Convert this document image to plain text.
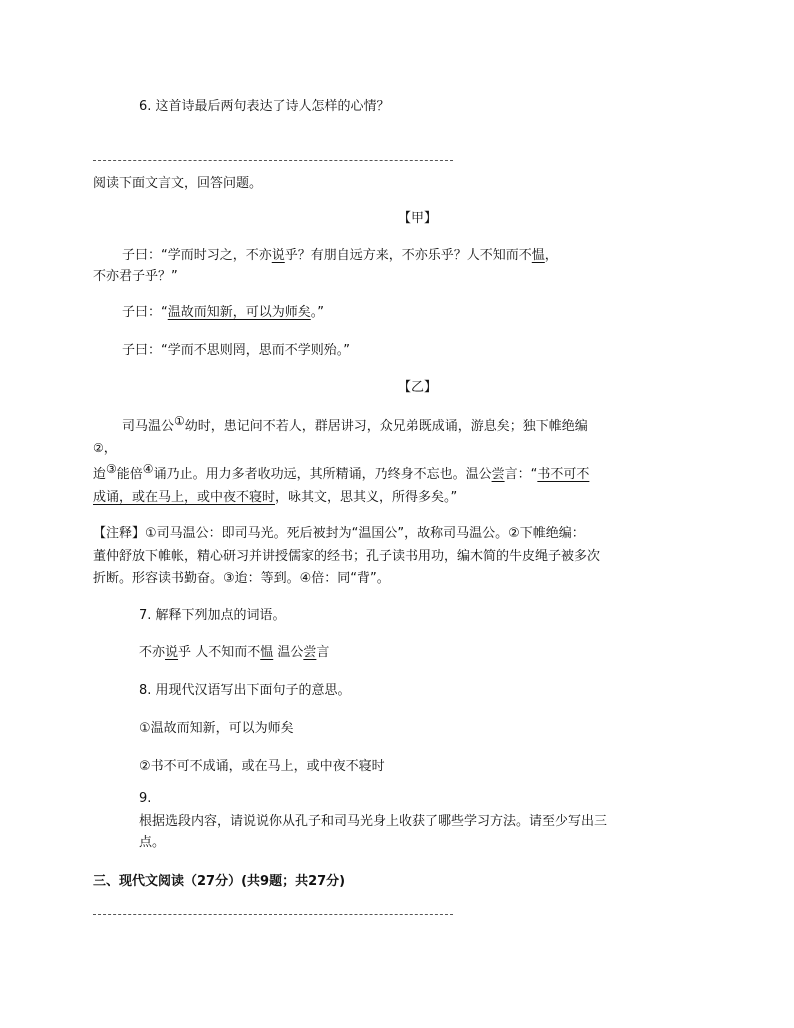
6. 这首诗最后两句表达了诗人怎样的心情？
阅读下面文言文，回答问题。
【甲】
子曰：“学而时习之，不亦说乎？有朋自远方来，不亦乐乎？人不知而不愠，
不亦君子乎？”
子曰：“温故而知新，可以为师矣。”
子曰：“学而不思则罔，思而不学则殆。”
【乙】
司马温公①幼时，患记问不若人，群居讲习，众兄弟既成诵，游息矣；独下帷绝编
②，
迨③能倍④诵乃止。用力多者收功远，其所精诵，乃终身不忘也。温公尝言：“书不可不
成诵，或在马上，或中夜不寝时，咏其文，思其义，所得多矣。”
【注释】①司马温公：即司马光。死后被封为“温国公”，故称司马温公。②下帷绝编：
董仲舒放下帷帐，精心研习并讲授儒家的经书；孔子读书用功，编木简的牛皮绳子被多次
折断。形容读书勤奋。③迨：等到。④倍：同“背”。
7. 解释下列加点的词语。
不亦说乎 人不知而不愠 温公尝言
8. 用现代汉语写出下面句子的意思。
①温故而知新，可以为师矣
②书不可不成诵，或在马上，或中夜不寝时
9.
根据选段内容，请说说你从孔子和司马光身上收获了哪些学习方法。请至少写出三
点。
三、现代文阅读（27分）(共9题；共27分)
